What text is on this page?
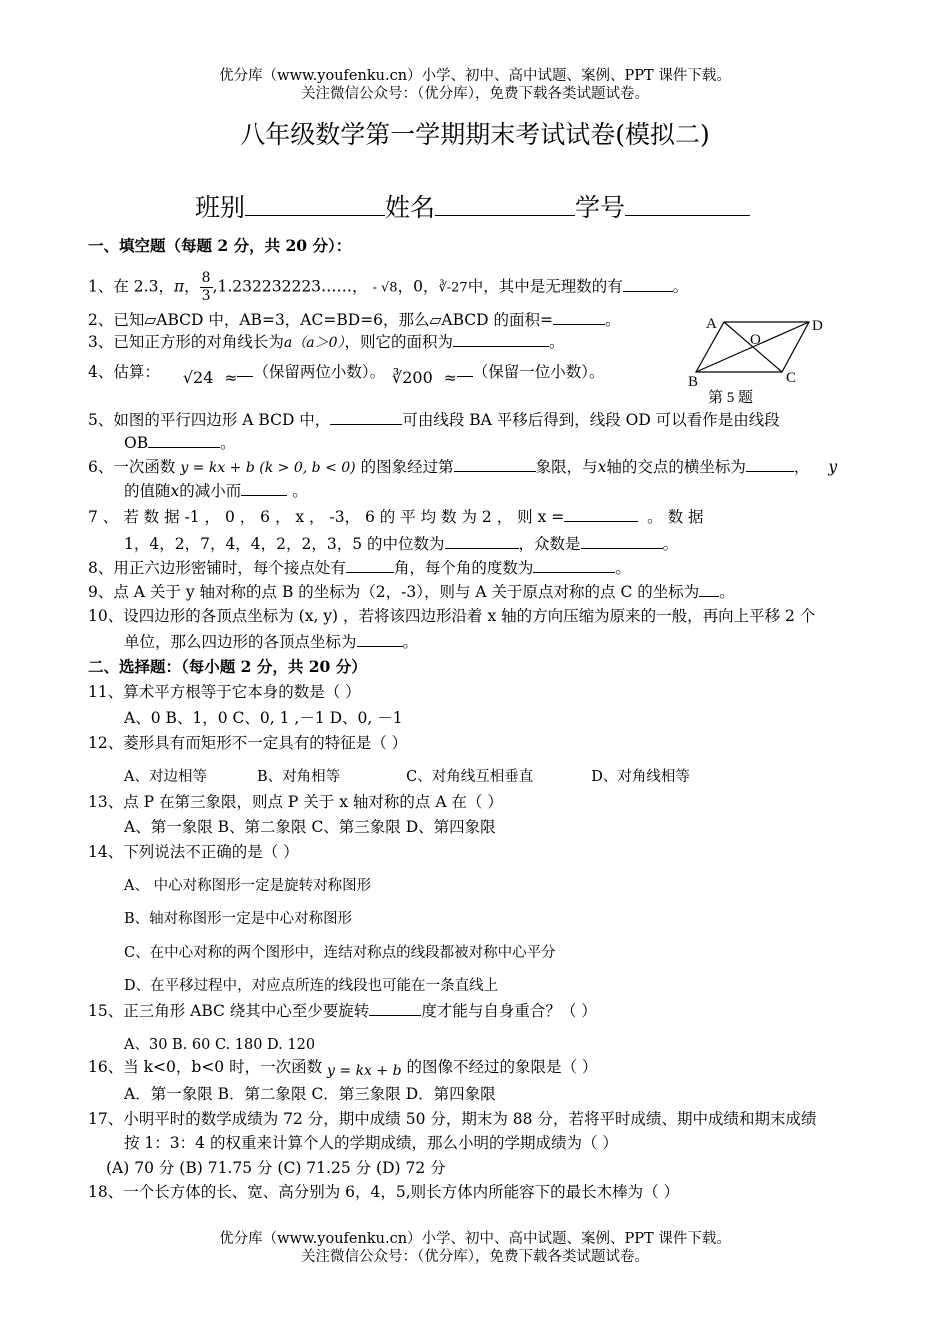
优分库（www.youfenku.cn）小学、初中、高中试题、案例、PPT 课件下载。
关注微信公众号：（优分库），免费下载各类试题试卷。
八年级数学第一学期期末考试试卷(模拟二)
班别	姓名	学号
一、填空题（每题 2 分，共 20 分）：
1、在 2.3，π， $\frac{8}{3}$ ,1.232232223……， - √8，0，∛-27中，其中是无理数的有	。
2、已知▱ABCD 中，AB=3，AC=BD=6，那么▱ABCD 的面积=	。
3、已知正方形的对角线长为a（a＞0），则它的面积为	。
4、估算： √24 ≈ （保留两位小数）。 ∛200 ≈ （保留一位小数）。
A	D
O
B	C
第 5 题
5、如图的平行四边形 A BCD 中，	可由线段 BA 平移后得到，线段 OD 可以看作是由线段
OB	。
6、一次函数 y = kx + b (k > 0, b < 0) 的图象经过第	象限，与x轴的交点的横坐标为	， y
的值随x的减小而	。
7 、 若 数 据 -1 ， 0 ， 6 ， x ， -3， 6 的 平 均 数 为 2 ， 则 x =	。 数 据
1，4，2，7，4，4，2，2，3，5 的中位数为	，众数是	。
8、用正六边形密铺时，每个接点处有	角，每个角的度数为	。
9、点 A 关于 y 轴对称的点 B 的坐标为（2，-3），则与 A 关于原点对称的点 C 的坐标为 。
10、设四边形的各顶点坐标为 (x, y) ，若将该四边形沿着 x 轴的方向压缩为原来的一般，再向上平移 2 个
单位，那么四边形的各顶点坐标为	。
二、选择题：（每小题 2 分，共 20 分）
11、算术平方根等于它本身的数是（ ）
A、0 B、1，0 C、0, 1 ,－1 D、0, －1
12、菱形具有而矩形不一定具有的特征是（ ）
A、对边相等	B、对角相等	C、对角线互相垂直	D、对角线相等
13、点 P 在第三象限，则点 P 关于 x 轴对称的点 A 在（ ）
A、第一象限 B、第二象限 C、第三象限 D、第四象限
14、下列说法不正确的是（ ）
A、 中心对称图形一定是旋转对称图形
B、轴对称图形一定是中心对称图形
C、在中心对称的两个图形中，连结对称点的线段都被对称中心平分
D、在平移过程中，对应点所连的线段也可能在一条直线上
15、正三角形 ABC 绕其中心至少要旋转	度才能与自身重合？（ ）
A、30 B. 60 C. 180 D. 120
16、当 k<0，b<0 时，一次函数 y = kx + b 的图像不经过的象限是（ ）
A．第一象限 B．第二象限 C．第三象限 D．第四象限
17、小明平时的数学成绩为 72 分，期中成绩 50 分，期末为 88 分，若将平时成绩、期中成绩和期末成绩
按 1：3：4 的权重来计算个人的学期成绩，那么小明的学期成绩为（ ）
(A) 70 分 (B) 71.75 分 (C) 71.25 分 (D) 72 分
18、一个长方体的长、宽、高分别为 6，4，5,则长方体内所能容下的最长木棒为（ ）
优分库（www.youfenku.cn）小学、初中、高中试题、案例、PPT 课件下载。
关注微信公众号：（优分库），免费下载各类试题试卷。
